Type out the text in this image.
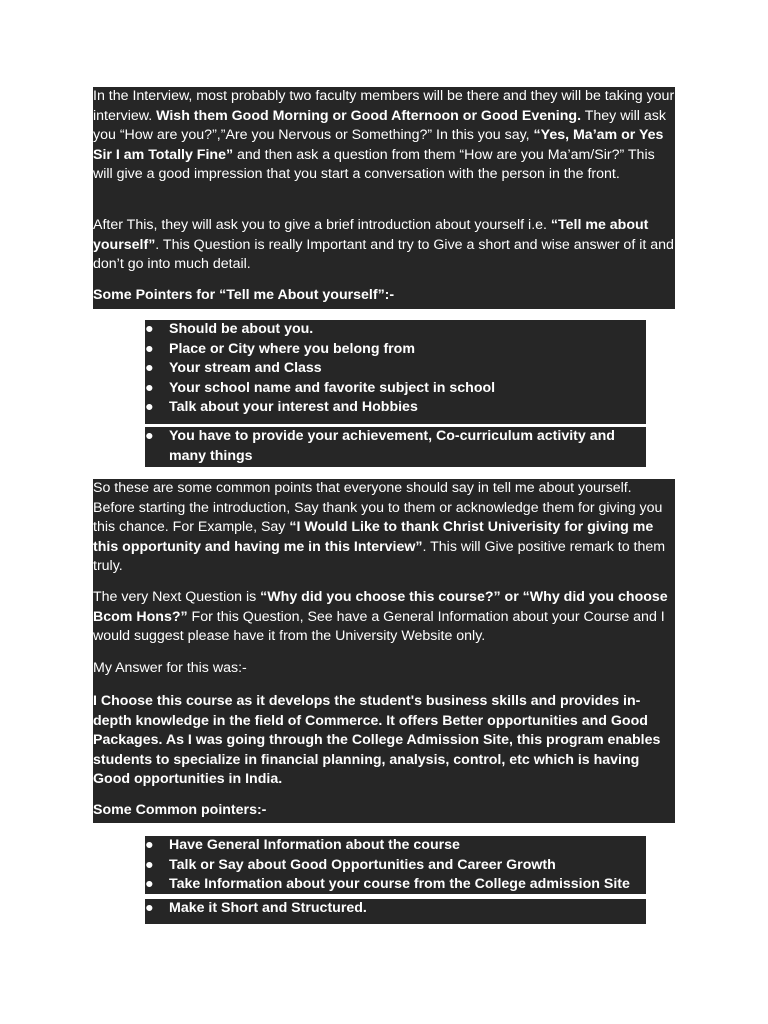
In the Interview, most probably two faculty members will be there and they will be taking your interview. Wish them Good Morning or Good Afternoon or Good Evening. They will ask you “How are you?”,”Are you Nervous or Something?” In this you say, “Yes, Ma’am or Yes Sir I am Totally Fine” and then ask a question from them “How are you Ma’am/Sir?” This will give a good impression that you start a conversation with the person in the front.

After This, they will ask you to give a brief introduction about yourself i.e. “Tell me about yourself”. This Question is really Important and try to Give a short and wise answer of it and don’t go into much detail.

Some Pointers for “Tell me About yourself”:-

● Should be about you.
● Place or City where you belong from
● Your stream and Class
● Your school name and favorite subject in school
● Talk about your interest and Hobbies
● You have to provide your achievement, Co-curriculum activity and many things

So these are some common points that everyone should say in tell me about yourself. Before starting the introduction, Say thank you to them or acknowledge them for giving you this chance. For Example, Say “I Would Like to thank Christ Univerisity for giving me this opportunity and having me in this Interview”. This will Give positive remark to them truly.

The very Next Question is “Why did you choose this course?” or “Why did you choose Bcom Hons?” For this Question, See have a General Information about your Course and I would suggest please have it from the University Website only.

My Answer for this was:-

I Choose this course as it develops the student's business skills and provides in-depth knowledge in the field of Commerce. It offers Better opportunities and Good Packages. As I was going through the College Admission Site, this program enables students to specialize in financial planning, analysis, control, etc which is having Good opportunities in India.

Some Common pointers:-

● Have General Information about the course
● Talk or Say about Good Opportunities and Career Growth
● Take Information about your course from the College admission Site
● Make it Short and Structured.
